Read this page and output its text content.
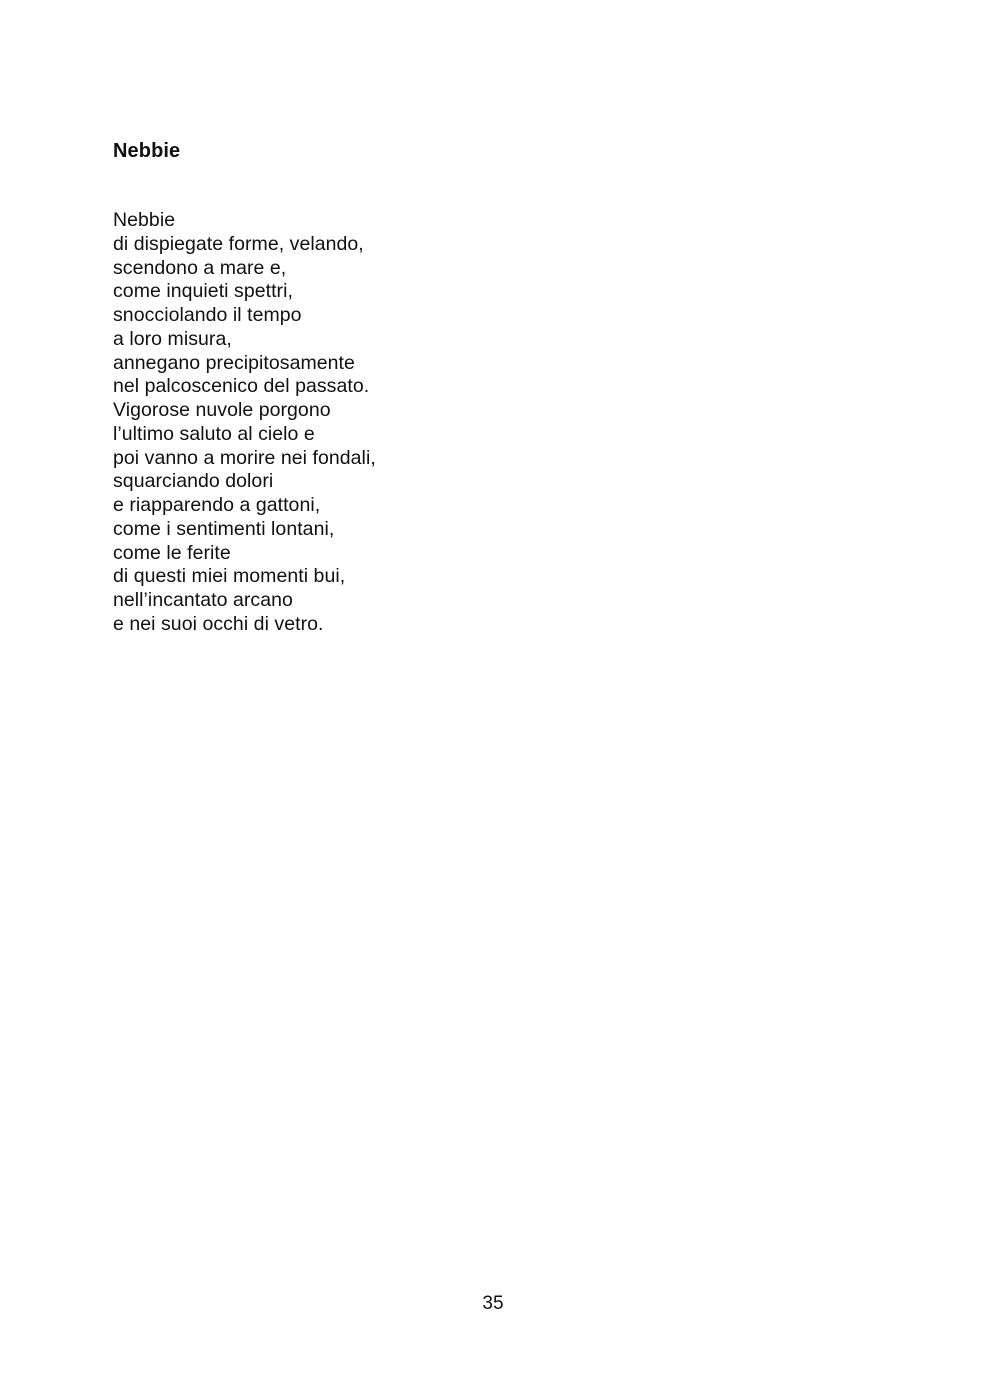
Nebbie
Nebbie
di dispiegate forme, velando,
scendono a mare e,
come inquieti spettri,
snocciolando il tempo
a loro misura,
annegano precipitosamente
nel palcoscenico del passato.
Vigorose nuvole porgono
l’ultimo saluto al cielo e
poi vanno a morire nei fondali,
squarciando dolori
e riapparendo a gattoni,
come i sentimenti lontani,
come le ferite
di questi miei momenti bui,
nell’incantato arcano
e nei suoi occhi di vetro.
35
